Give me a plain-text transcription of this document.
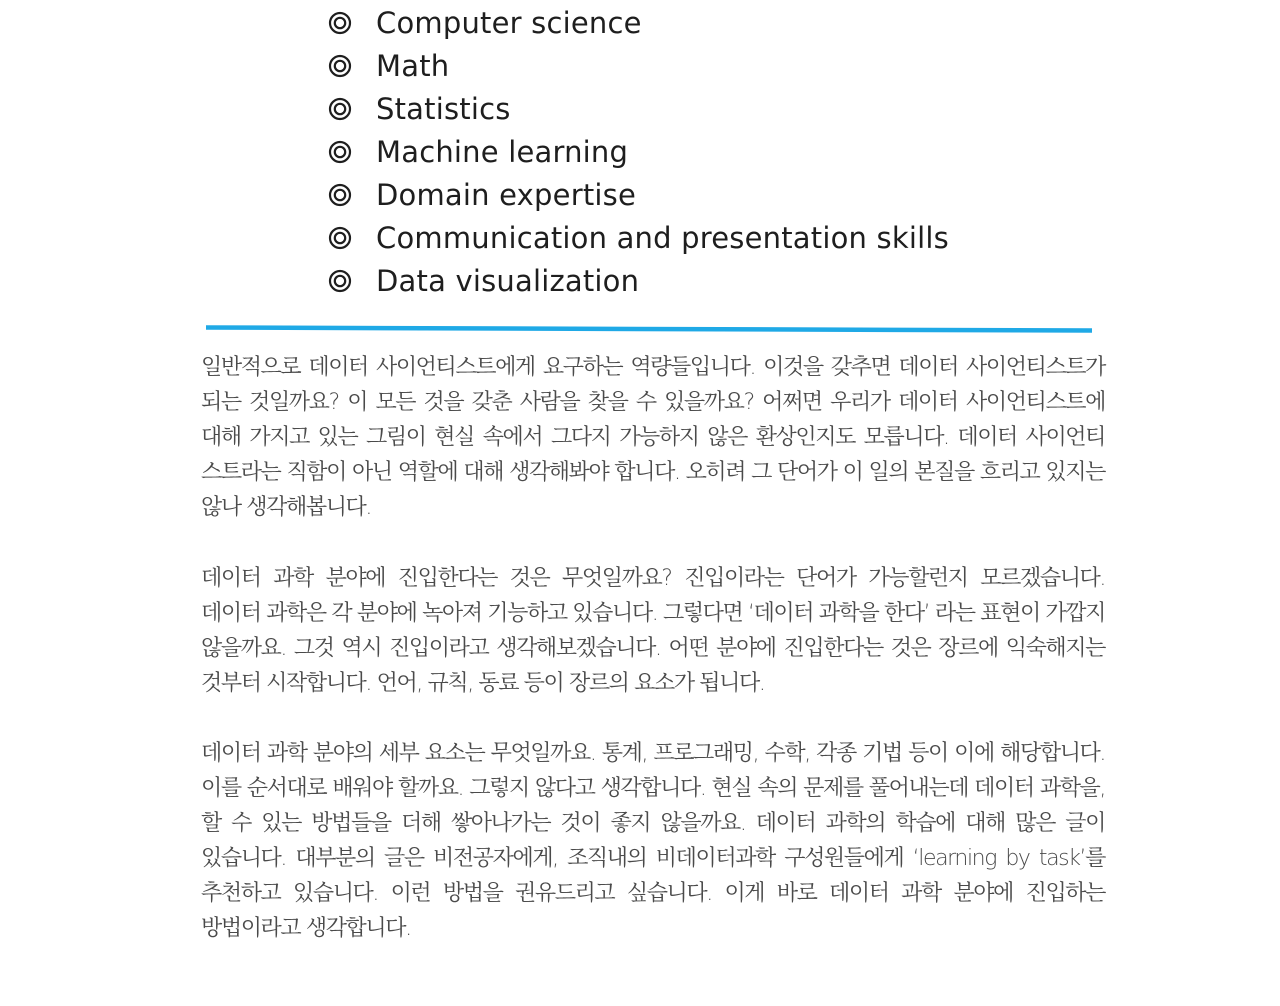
Computer science
Math
Statistics
Machine learning
Domain expertise
Communication and presentation skills
Data visualization

일반적으로 데이터 사이언티스트에게 요구하는 역량들입니다. 이것을 갖추면 데이터 사이언티스트가 되는 것일까요? 이 모든 것을 갖춘 사람을 찾을 수 있을까요? 어쩌면 우리가 데이터 사이언티스트에 대해 가지고 있는 그림이 현실 속에서 그다지 가능하지 않은 환상인지도 모릅니다. 데이터 사이언티 스트라는 직함이 아닌 역할에 대해 생각해봐야 합니다. 오히려 그 단어가 이 일의 본질을 흐리고 있지는 않나 생각해봅니다.

데이터 과학 분야에 진입한다는 것은 무엇일까요? 진입이라는 단어가 가능할런지 모르겠습니다. 데이터 과학은 각 분야에 녹아져 기능하고 있습니다. 그렇다면 ‘데이터 과학을 한다’ 라는 표현이 가깝지 않을까요. 그것 역시 진입이라고 생각해보겠습니다. 어떤 분야에 진입한다는 것은 장르에 익숙해지는 것부터 시작합니다. 언어, 규칙, 동료 등이 장르의 요소가 됩니다.

데이터 과학 분야의 세부 요소는 무엇일까요. 통계, 프로그래밍, 수학, 각종 기법 등이 이에 해당합니다. 이를 순서대로 배워야 할까요. 그렇지 않다고 생각합니다. 현실 속의 문제를 풀어내는데 데이터 과학을, 할 수 있는 방법들을 더해 쌓아나가는 것이 좋지 않을까요. 데이터 과학의 학습에 대해 많은 글이 있습니다. 대부분의 글은 비전공자에게, 조직내의 비데이터과학 구성원들에게 ‘learning by task’를 추천하고 있습니다. 이런 방법을 권유드리고 싶습니다. 이게 바로 데이터 과학 분야에 진입하는 방법이라고 생각합니다.
